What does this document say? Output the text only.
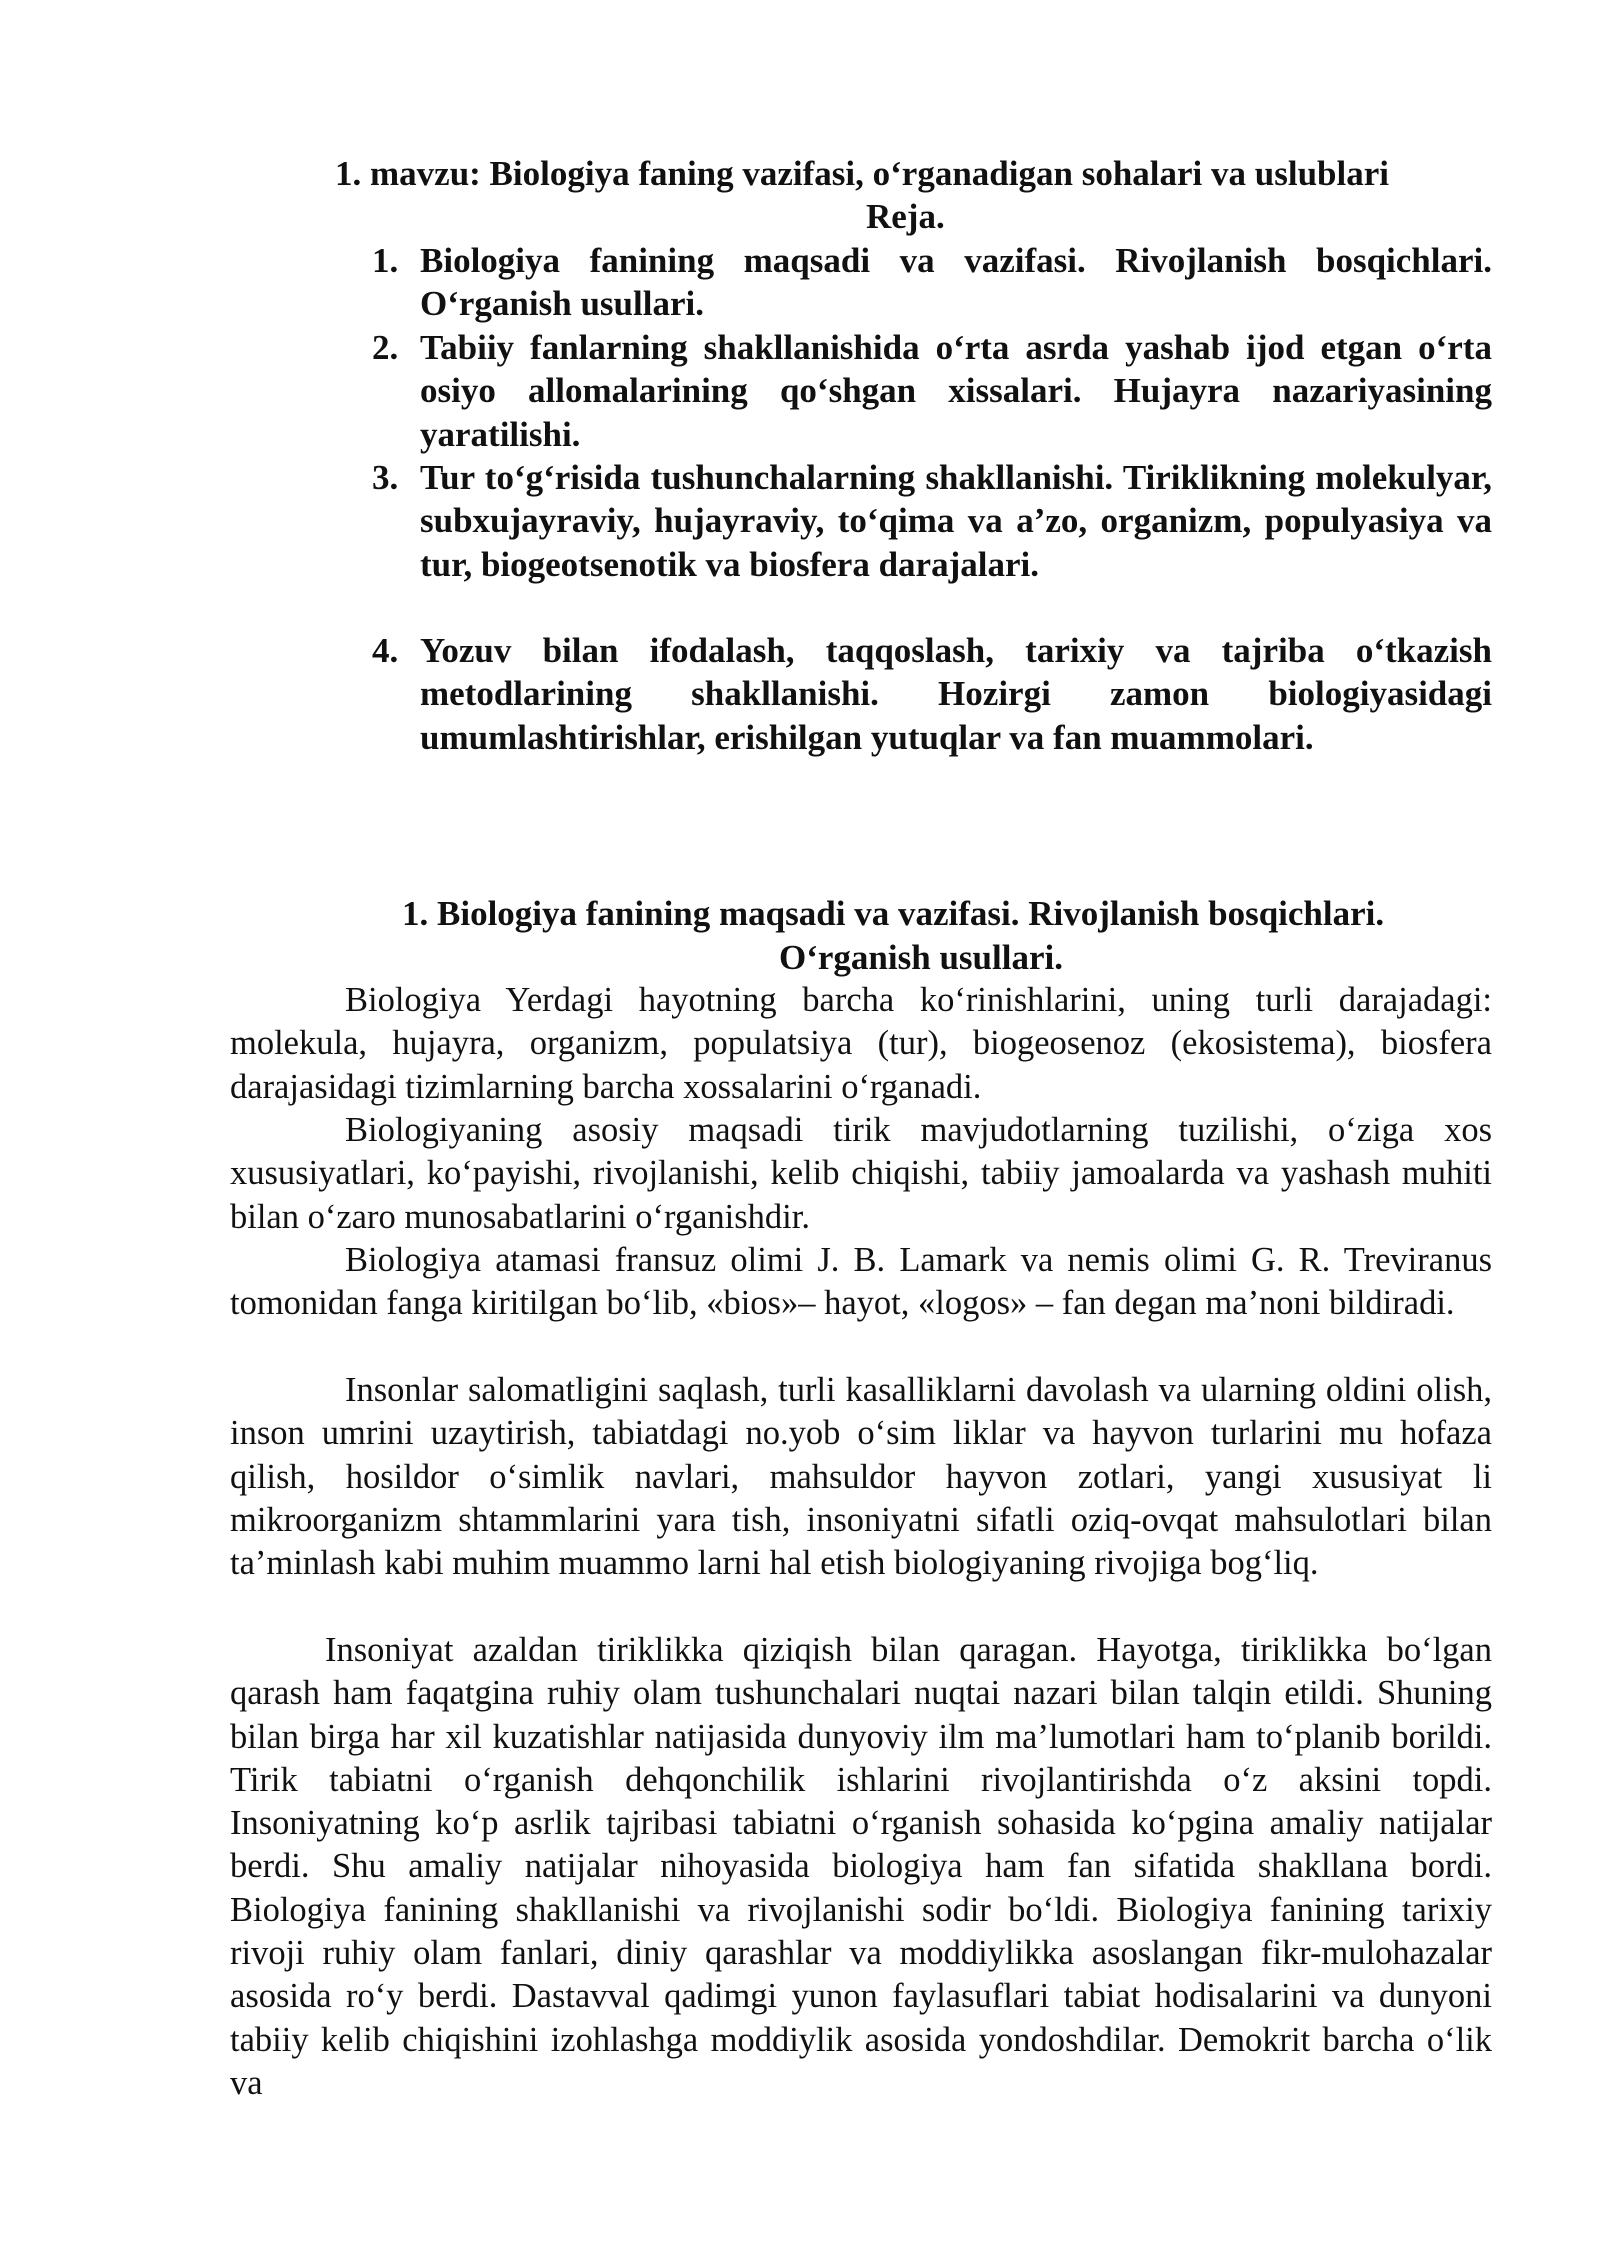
1. mavzu: Biologiya faning vazifasi, o‘rganadigan sohalari va uslublari
Reja.
1. Biologiya fanining maqsadi va vazifasi. Rivojlanish bosqichlari. O‘rganish usullari.
2. Tabiiy fanlarning shakllanishida o‘rta asrda yashab ijod etgan o‘rta osiyo allomalarining qo‘shgan xissalari. Hujayra nazariyasining yaratilishi.
3. Tur to‘g‘risida tushunchalarning shakllanishi. Tiriklikning molekulyar, subxujayraviy, hujayraviy, to‘qima va a’zo, organizm, populyasiya va tur, biogeotsenotik va biosfera darajalari.
4. Yozuv bilan ifodalash, taqqoslash, tarixiy va tajriba o‘tkazish metodlarining shakllanishi. Hozirgi zamon biologiyasidagi umumlashtirishlar, erishilgan yutuqlar va fan muammolari.
1. Biologiya fanining maqsadi va vazifasi. Rivojlanish bosqichlari.
O‘rganish usullari.

Biologiya Yerdagi hayotning barcha ko‘rinishlarini, uning turli darajadagi: molekula, hujayra, organizm, populatsiya (tur), biogeosenoz (ekosistema), biosfera darajasidagi tizimlarning barcha xossalarini o‘rganadi.

Biologiyaning asosiy maqsadi tirik mavjudotlarning tuzilishi, o‘ziga xos xususiyatlari, ko‘payishi, rivojlanishi, kelib chiqishi, tabiiy jamoalarda va yashash muhiti bilan o‘zaro munosabatlarini o‘rganishdir.

Biologiya atamasi fransuz olimi J. B. Lamark va nemis olimi G. R. Treviranus tomonidan fanga kiritilgan bo‘lib, «bios»– hayot, «logos» – fan degan ma’noni bildiradi.

Insonlar salomatligini saqlash, turli kasalliklarni davolash va ularning oldini olish, inson umrini uzaytirish, tabiatdagi no.yob o‘sim liklar va hayvon turlarini mu hofaza qilish, hosildor o‘simlik navlari, mahsuldor hayvon zotlari, yangi xususiyat li mikroorganizm shtammlarini yara tish, insoniyatni sifatli oziq-ovqat mahsulotlari bilan ta’minlash kabi muhim muammo larni hal etish biologiyaning rivojiga bog‘liq.

Insoniyat azaldan tiriklikka qiziqish bilan qaragan. Hayotga, tiriklikka bo‘lgan qarash ham faqatgina ruhiy olam tushunchalari nuqtai nazari bilan talqin etildi. Shuning bilan birga har xil kuzatishlar natijasida dunyoviy ilm ma’lumotlari ham to‘planib borildi. Tirik tabiatni o‘rganish dehqonchilik ishlarini rivojlantirishda o‘z aksini topdi. Insoniyatning ko‘p asrlik tajribasi tabiatni o‘rganish sohasida ko‘pgina amaliy natijalar berdi. Shu amaliy natijalar nihoyasida biologiya ham fan sifatida shakllana bordi. Biologiya fanining shakllanishi va rivojlanishi sodir bo‘ldi. Biologiya fanining tarixiy rivoji ruhiy olam fanlari, diniy qarashlar va moddiylikka asoslangan fikr-mulohazalar asosida ro‘y berdi. Dastavval qadimgi yunon faylasuflari tabiat hodisalarini va dunyoni tabiiy kelib chiqishini izohlashga moddiylik asosida yondoshdilar. Demokrit barcha o‘lik va
